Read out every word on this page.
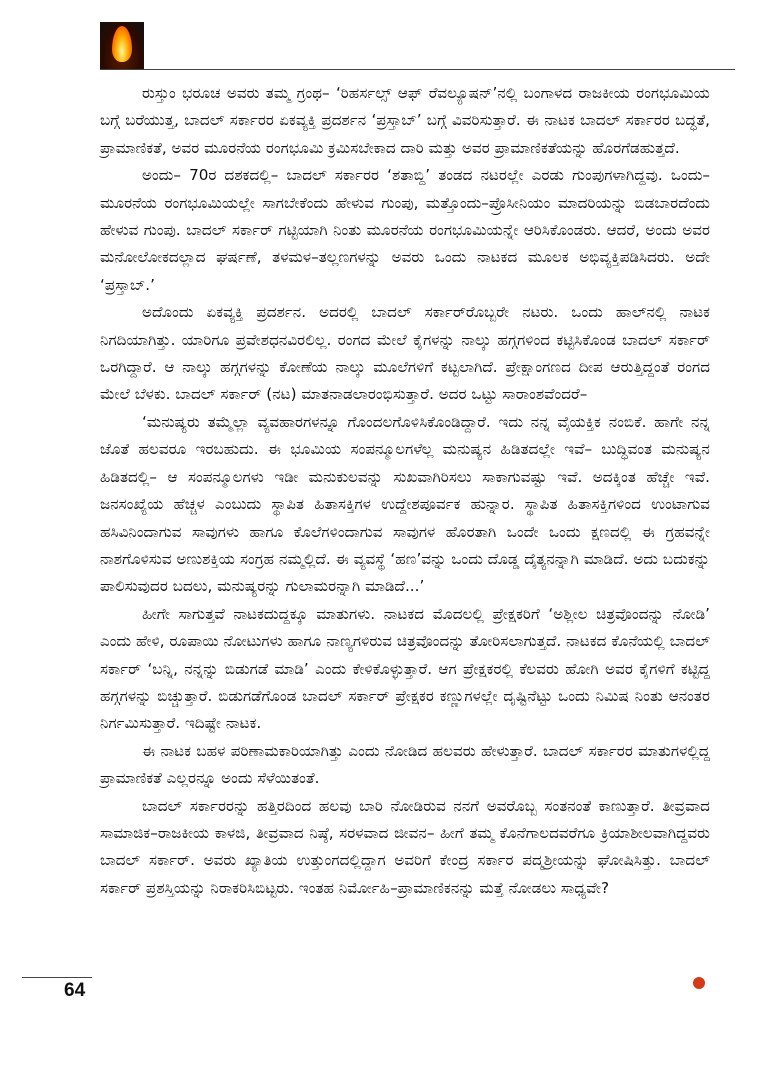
ರುಸ್ತುಂ ಭರೂಚ ಅವರು ತಮ್ಮ ಗ್ರಂಥ– ‘ರಿಹರ್ಸಲ್ಸ್ ಆಫ್ ರೆವಲ್ಯೂಷನ್’ನಲ್ಲಿ ಬಂಗಾಳದ ರಾಜಕೀಯ ರಂಗಭೂಮಿಯ ಬಗ್ಗೆ ಬರೆಯುತ್ತ, ಬಾದಲ್ ಸರ್ಕಾರರ ಏಕವ್ಯಕ್ತಿ ಪ್ರದರ್ಶನ ‘ಪ್ರಸ್ತಾಬ್’ ಬಗ್ಗೆ ವಿವರಿಸುತ್ತಾರೆ. ಈ ನಾಟಕ ಬಾದಲ್ ಸರ್ಕಾರರ ಬದ್ಧತೆ, ಪ್ರಾಮಾಣಿಕತೆ, ಅವರ ಮೂರನೆಯ ರಂಗಭೂಮಿ ಕ್ರಮಿಸಬೇಕಾದ ದಾರಿ ಮತ್ತು ಅವರ ಪ್ರಾಮಾಣಿಕತೆಯನ್ನು ಹೊರಗೆಡಹುತ್ತದೆ.

ಅಂದು– 70ರ ದಶಕದಲ್ಲಿ– ಬಾದಲ್ ಸರ್ಕಾರರ ‘ಶತಾಬ್ದಿ’ ತಂಡದ ನಟರಲ್ಲೇ ಎರಡು ಗುಂಪುಗಳಾಗಿದ್ದವು. ಒಂದು–ಮೂರನೆಯ ರಂಗಭೂಮಿಯಲ್ಲೇ ಸಾಗಬೇಕೆಂದು ಹೇಳುವ ಗುಂಪು, ಮತ್ತೊಂದು–ಪ್ರೊಸೀನಿಯಂ ಮಾದರಿಯನ್ನು ಬಿಡಬಾರದೆಂದು ಹೇಳುವ ಗುಂಪು. ಬಾದಲ್ ಸರ್ಕಾರ್ ಗಟ್ಟಿಯಾಗಿ ನಿಂತು ಮೂರನೆಯ ರಂಗಭೂಮಿಯನ್ನೇ ಆರಿಸಿಕೊಂಡರು. ಆದರೆ, ಅಂದು ಅವರ ಮನೋಲೋಕದಲ್ಲಾದ ಘರ್ಷಣೆ, ತಳಮಳ–ತಲ್ಲಣಗಳನ್ನು ಅವರು ಒಂದು ನಾಟಕದ ಮೂಲಕ ಅಭಿವ್ಯಕ್ತಿಪಡಿಸಿದರು. ಅದೇ ‘ಪ್ರಸ್ತಾಬ್.’

ಅದೊಂದು ಏಕವ್ಯಕ್ತಿ ಪ್ರದರ್ಶನ. ಅದರಲ್ಲಿ ಬಾದಲ್ ಸರ್ಕಾರ್‌ರೊಬ್ಬರೇ ನಟರು. ಒಂದು ಹಾಲ್‌ನಲ್ಲಿ ನಾಟಕ ನಿಗದಿಯಾಗಿತ್ತು. ಯಾರಿಗೂ ಪ್ರವೇಶಧನವಿರಲಿಲ್ಲ. ರಂಗದ ಮೇಲೆ ಕೈಗಳನ್ನು ನಾಲ್ಕು ಹಗ್ಗಗಳಿಂದ ಕಟ್ಟಿಸಿಕೊಂಡ ಬಾದಲ್ ಸರ್ಕಾರ್ ಒರಗಿದ್ದಾರೆ. ಆ ನಾಲ್ಕು ಹಗ್ಗಗಳನ್ನು ಕೋಣೆಯ ನಾಲ್ಕು ಮೂಲೆಗಳಿಗೆ ಕಟ್ಟಲಾಗಿದೆ. ಪ್ರೇಕ್ಷಾಂಗಣದ ದೀಪ ಆರುತ್ತಿದ್ದಂತೆ ರಂಗದ ಮೇಲೆ ಬೆಳಕು. ಬಾದಲ್ ಸರ್ಕಾರ್ (ನಟ) ಮಾತನಾಡಲಾರಂಭಿಸುತ್ತಾರೆ. ಅದರ ಒಟ್ಟು ಸಾರಾಂಶವೆಂದರೆ–

‘ಮನುಷ್ಯರು ತಮ್ಮೆಲ್ಲಾ ವ್ಯವಹಾರಗಳನ್ನೂ ಗೊಂದಲಗೊಳಿಸಿಕೊಂಡಿದ್ದಾರೆ. ಇದು ನನ್ನ ವೈಯಕ್ತಿಕ ನಂಬಿಕೆ. ಹಾಗೇ ನನ್ನ ಜೊತೆ ಹಲವರೂ ಇರಬಹುದು. ಈ ಭೂಮಿಯ ಸಂಪನ್ಮೂಲಗಳೆಲ್ಲ ಮನುಷ್ಯನ ಹಿಡಿತದಲ್ಲೇ ಇವೆ– ಬುದ್ಧಿವಂತ ಮನುಷ್ಯನ ಹಿಡಿತದಲ್ಲಿ– ಆ ಸಂಪನ್ಮೂಲಗಳು ಇಡೀ ಮನುಕುಲವನ್ನು ಸುಖವಾಗಿರಿಸಲು ಸಾಕಾಗುವಷ್ಟು ಇವೆ. ಅದಕ್ಕಿಂತ ಹೆಚ್ಚೇ ಇವೆ. ಜನಸಂಖ್ಯೆಯ ಹೆಚ್ಚಳ ಎಂಬುದು ಸ್ಥಾಪಿತ ಹಿತಾಸಕ್ತಿಗಳ ಉದ್ದೇಶಪೂರ್ವಕ ಹುನ್ನಾರ. ಸ್ಥಾಪಿತ ಹಿತಾಸಕ್ತಿಗಳಿಂದ ಉಂಟಾಗುವ ಹಸಿವಿನಿಂದಾಗುವ ಸಾವುಗಳು ಹಾಗೂ ಕೊಲೆಗಳಿಂದಾಗುವ ಸಾವುಗಳ ಹೊರತಾಗಿ ಒಂದೇ ಒಂದು ಕ್ಷಣದಲ್ಲಿ ಈ ಗ್ರಹವನ್ನೇ ನಾಶಗೊಳಿಸುವ ಅಣುಶಕ್ತಿಯ ಸಂಗ್ರಹ ನಮ್ಮಲ್ಲಿದೆ. ಈ ವ್ಯವಸ್ಥೆ ‘ಹಣ’ವನ್ನು ಒಂದು ದೊಡ್ಡ ದೈತ್ಯನನ್ನಾಗಿ ಮಾಡಿದೆ. ಅದು ಬದುಕನ್ನು ಪಾಲಿಸುವುದರ ಬದಲು, ಮನುಷ್ಯರನ್ನು ಗುಲಾಮರನ್ನಾಗಿ ಮಾಡಿದೆ...’

ಹೀಗೇ ಸಾಗುತ್ತವೆ ನಾಟಕದುದ್ದಕ್ಕೂ ಮಾತುಗಳು. ನಾಟಕದ ಮೊದಲಲ್ಲಿ ಪ್ರೇಕ್ಷಕರಿಗೆ ‘ಅಶ್ಲೀಲ ಚಿತ್ರವೊಂದನ್ನು ನೋಡಿ’ ಎಂದು ಹೇಳಿ, ರೂಪಾಯಿ ನೋಟುಗಳು ಹಾಗೂ ನಾಣ್ಯಗಳಿರುವ ಚಿತ್ರವೊಂದನ್ನು ತೋರಿಸಲಾಗುತ್ತದೆ. ನಾಟಕದ ಕೊನೆಯಲ್ಲಿ ಬಾದಲ್ ಸರ್ಕಾರ್ ‘ಬನ್ನಿ, ನನ್ನನ್ನು ಬಿಡುಗಡೆ ಮಾಡಿ’ ಎಂದು ಕೇಳಿಕೊಳ್ಳುತ್ತಾರೆ. ಆಗ ಪ್ರೇಕ್ಷಕರಲ್ಲಿ ಕೆಲವರು ಹೋಗಿ ಅವರ ಕೈಗಳಿಗೆ ಕಟ್ಟಿದ್ದ ಹಗ್ಗಗಳನ್ನು ಬಿಚ್ಚುತ್ತಾರೆ. ಬಿಡುಗಡೆಗೊಂಡ ಬಾದಲ್ ಸರ್ಕಾರ್ ಪ್ರೇಕ್ಷಕರ ಕಣ್ಣುಗಳಲ್ಲೇ ದೃಷ್ಟಿನೆಟ್ಟು ಒಂದು ನಿಮಿಷ ನಿಂತು ಆನಂತರ ನಿರ್ಗಮಿಸುತ್ತಾರೆ. ಇದಿಷ್ಟೇ ನಾಟಕ.

ಈ ನಾಟಕ ಬಹಳ ಪರಿಣಾಮಕಾರಿಯಾಗಿತ್ತು ಎಂದು ನೋಡಿದ ಹಲವರು ಹೇಳುತ್ತಾರೆ. ಬಾದಲ್ ಸರ್ಕಾರರ ಮಾತುಗಳಲ್ಲಿದ್ದ ಪ್ರಾಮಾಣಿಕತೆ ಎಲ್ಲರನ್ನೂ ಅಂದು ಸೆಳೆಯಿತಂತೆ.

ಬಾದಲ್ ಸರ್ಕಾರರನ್ನು ಹತ್ತಿರದಿಂದ ಹಲವು ಬಾರಿ ನೋಡಿರುವ ನನಗೆ ಅವರೊಬ್ಬ ಸಂತನಂತೆ ಕಾಣುತ್ತಾರೆ. ತೀವ್ರವಾದ ಸಾಮಾಜಿಕ–ರಾಜಕೀಯ ಕಾಳಜಿ, ತೀವ್ರವಾದ ನಿಷ್ಠೆ, ಸರಳವಾದ ಜೀವನ– ಹೀಗೆ ತಮ್ಮ ಕೊನೆಗಾಲದವರೆಗೂ ಕ್ರಿಯಾಶೀಲವಾಗಿದ್ದವರು ಬಾದಲ್ ಸರ್ಕಾರ್. ಅವರು ಖ್ಯಾತಿಯ ಉತ್ತುಂಗದಲ್ಲಿದ್ದಾಗ ಅವರಿಗೆ ಕೇಂದ್ರ ಸರ್ಕಾರ ಪದ್ಮಶ್ರೀಯನ್ನು ಘೋಷಿಸಿತ್ತು. ಬಾದಲ್ ಸರ್ಕಾರ್ ಪ್ರಶಸ್ತಿಯನ್ನು ನಿರಾಕರಿಸಿಬಿಟ್ಟರು. ಇಂತಹ ನಿರ್ಮೋಹಿ–ಪ್ರಾಮಾಣಿಕನನ್ನು ಮತ್ತೆ ನೋಡಲು ಸಾಧ್ಯವೇ?

64
